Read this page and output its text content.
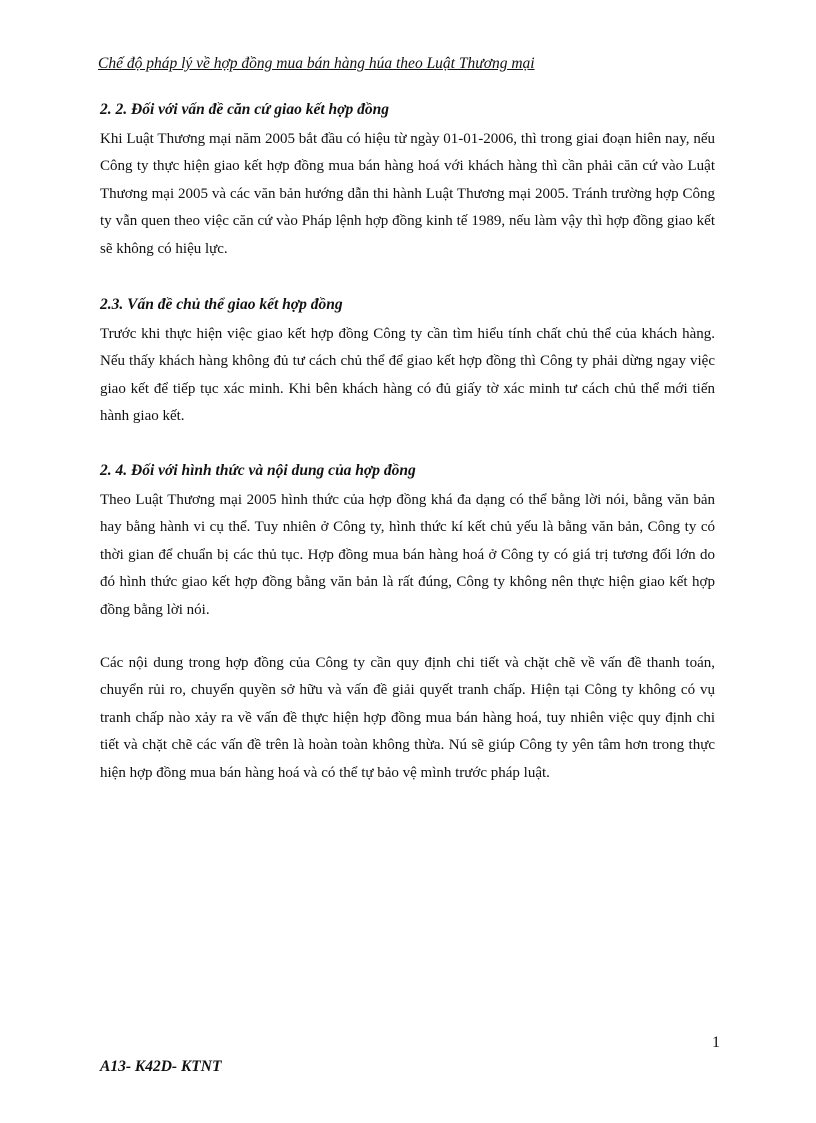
Chế độ pháp lý về hợp đồng mua bán hàng húa theo Luật Thương mại
2. 2. Đối với vấn đề căn cứ giao kết hợp đồng

Khi Luật Thương mại năm 2005 bắt đầu có hiệu từ ngày 01-01-2006, thì trong giai đoạn hiên nay, nếu Công ty thực hiện giao kết hợp đồng mua bán hàng hoá với khách hàng thì cần phải căn cứ vào Luật Thương mại 2005 và các văn bản hướng dẫn thi hành Luật Thương mại 2005. Tránh trường hợp Công ty vẫn quen theo việc căn cứ vào Pháp lệnh hợp đồng kinh tế 1989, nếu làm vậy thì hợp đồng giao kết sẽ không có hiệu lực.

2.3. Vấn đề chủ thể giao kết hợp đồng

Trước khi thực hiện việc giao kết hợp đồng Công ty cần tìm hiểu tính chất chủ thể của khách hàng. Nếu thấy khách hàng không đủ tư cách chủ thể để giao kết hợp đồng thì Công ty phải dừng ngay việc giao kết để tiếp tục xác minh. Khi bên khách hàng có đủ giấy tờ xác minh tư cách chủ thể mới tiến hành giao kết.

2. 4. Đối với hình thức và nội dung của hợp đồng

Theo Luật Thương mại 2005 hình thức của hợp đồng khá đa dạng có thể bằng lời nói, bằng văn bản hay bằng hành vi cụ thể. Tuy nhiên ở Công ty, hình thức kí kết chủ yếu là bằng văn bản, Công ty có thời gian để chuẩn bị các thủ tục. Hợp đồng mua bán hàng hoá ở Công ty có giá trị tương đối lớn do đó hình thức giao kết hợp đồng bằng văn bản là rất đúng, Công ty không nên thực hiện giao kết hợp đồng bằng lời nói.

Các nội dung trong hợp đồng của Công ty cần quy định chi tiết và chặt chẽ về vấn đề thanh toán, chuyển rủi ro, chuyển quyền sở hữu và vấn đề giải quyết tranh chấp. Hiện tại Công ty không có vụ tranh chấp nào xảy ra về vấn đề thực hiện hợp đồng mua bán hàng hoá, tuy nhiên việc quy định chi tiết và chặt chẽ các vấn đề trên là hoàn toàn không thừa. Nú sẽ giúp Công ty yên tâm hơn trong thực hiện hợp đồng mua bán hàng hoá và có thể tự bảo vệ mình trước pháp luật.

1
A13- K42D- KTNT
